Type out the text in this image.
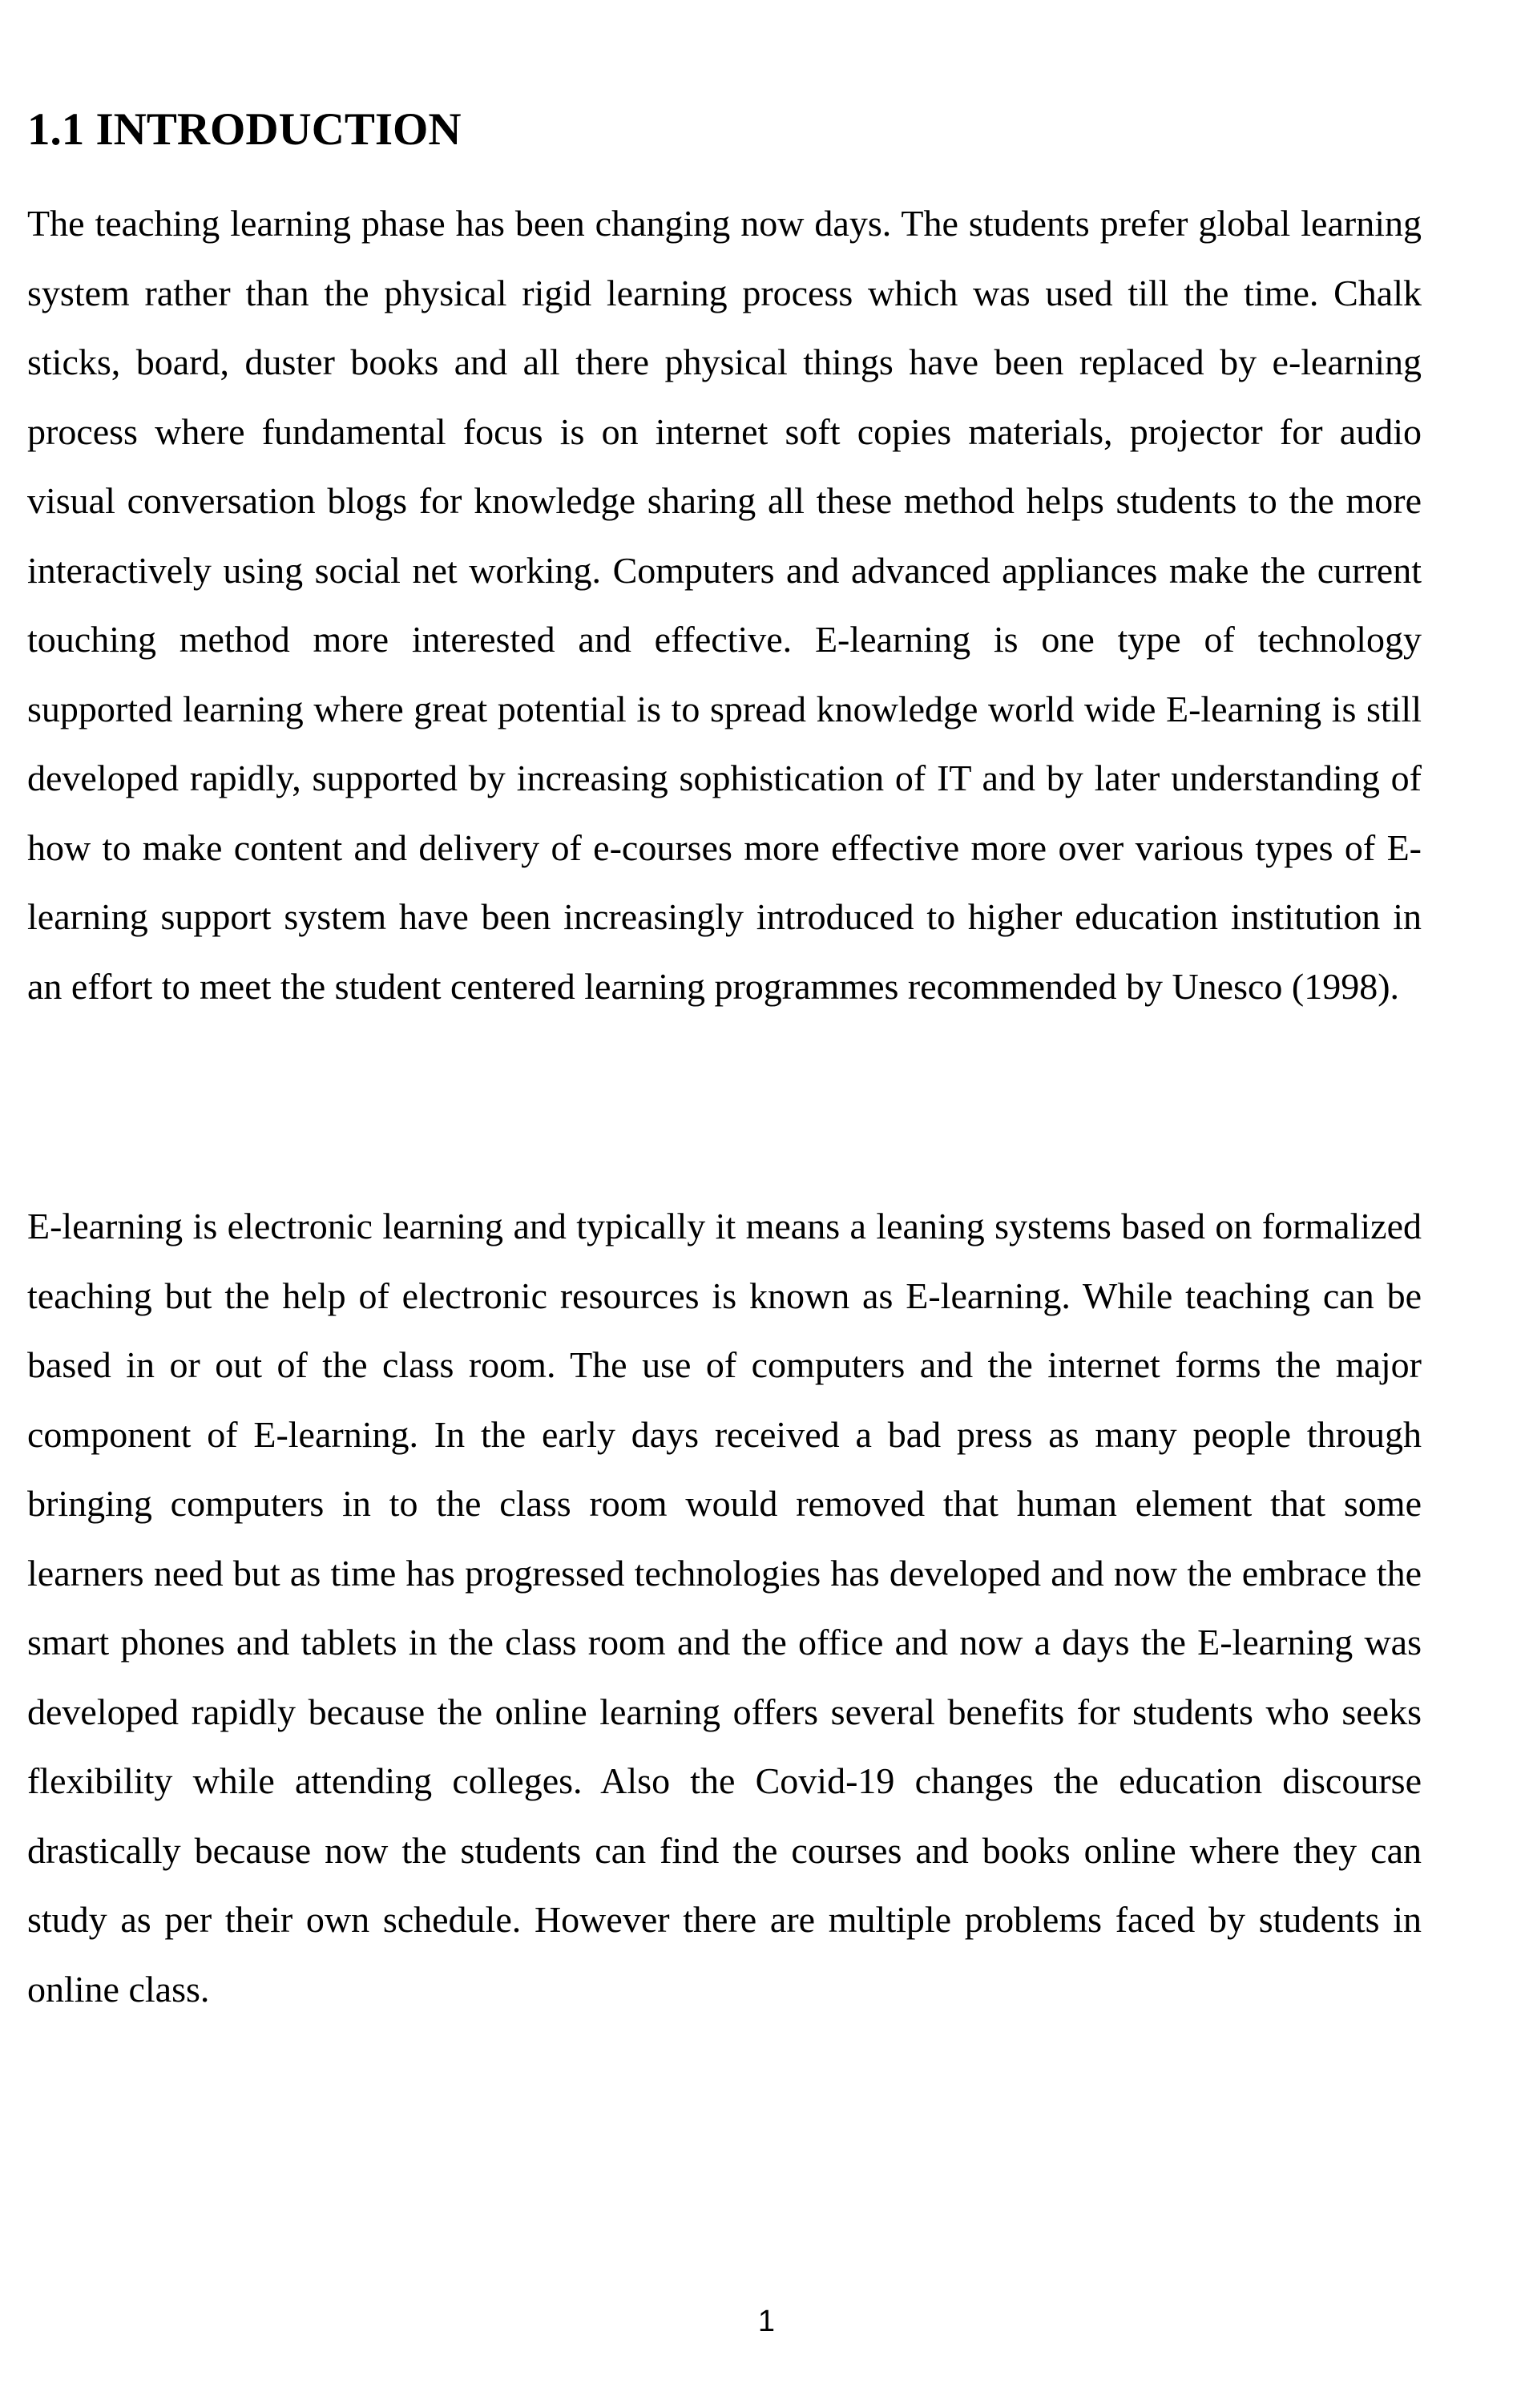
1.1 INTRODUCTION

The teaching learning phase has been changing now days. The students prefer global learning system rather than the physical rigid learning process which was used till the time. Chalk sticks, board, duster books and all there physical things have been replaced by e-learning process where fundamental focus is on internet soft copies materials, projector for audio visual conversation blogs for knowledge sharing all these method helps students to the more interactively using social net working. Computers and advanced appliances make the current touching method more interested and effective. E-learning is one type of technology supported learning where great potential is to spread knowledge world wide E-learning is still developed rapidly, supported by increasing sophistication of IT and by later understanding of how to make content and delivery of e-courses more effective more over various types of E-learning support system have been increasingly introduced to higher education institution in an effort to meet the student centered learning programmes recommended by Unesco (1998).

E-learning is electronic learning and typically it means a leaning systems based on formalized teaching but the help of electronic resources is known as E-learning. While teaching can be based in or out of the class room. The use of computers and the internet forms the major component of E-learning. In the early days received a bad press as many people through bringing computers in to the class room would removed that human element that some learners need but as time has progressed technologies has developed and now the embrace the smart phones and tablets in the class room and the office and now a days the E-learning was developed rapidly because the online learning offers several benefits for students who seeks flexibility while attending colleges. Also the Covid-19 changes the education discourse drastically because now the students can find the courses and books online where they can study as per their own schedule. However there are multiple problems faced by students in online class.

1
